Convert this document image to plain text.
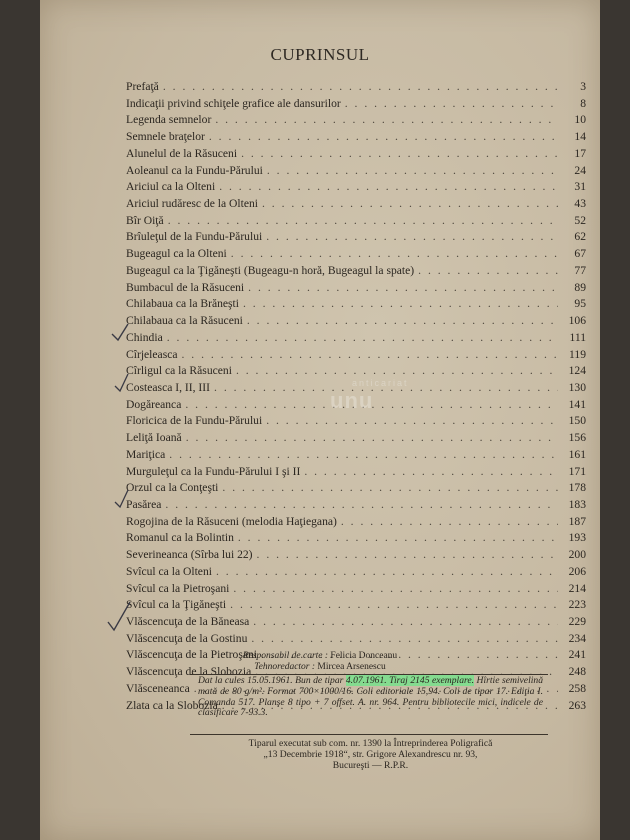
CUPRINSUL
Prefaţă . . .	3
Indicaţii privind schiţele grafice ale dansurilor . . .	8
Legenda semnelor . . .	10
Semnele braţelor . . .	14
Alunelul de la Răsuceni . . .	17
Aoleanul ca la Fundu-Părului . . .	24
Ariciul ca la Olteni . . .	31
Ariciul rudăresc de la Olteni . . .	43
Bîr Oiţă . . .	52
Brîuleţul de la Fundu-Părului . . .	62
Bugeagul ca la Olteni . . .	67
Bugeagul ca la Ţigăneşti (Bugeagu-n horă, Bugeagul la spate) . . .	77
Bumbacul de la Răsuceni . . .	89
Chilabaua ca la Brăneşti . . .	95
Chilabaua ca la Răsuceni . . .	106
Chindia . . .	111
Cîrjeleasca . . .	119
Cîrligul ca la Răsuceni . . .	124
Costeasca I, II, III . . .	130
Dogăreanca . . .	141
Floricica de la Fundu-Părului . . .	150
Leliţă Ioană . . .	156
Mariţica . . .	161
Murguleţul ca la Fundu-Părului I şi II . . .	171
Orzul ca la Conţeşti . . .	178
Pasărea . . .	183
Rogojina de la Răsuceni (melodia Haţiegana) . . .	187
Romanul ca la Bolintin . . .	193
Severineanca (Sîrba lui 22) . . .	200
Svîcul ca la Olteni . . .	206
Svîcul ca la Pietroşani . . .	214
Svîcul ca la Ţigăneşti . . .	223
Vlăscencuţa de la Băneasa . . .	229
Vlăscencuţa de la Gostinu . . .	234
Vlăscencuţa de la Pietroşani . . .	241
Vlăscencuţa de la Slobozia . . .	248
Vlăsceneanca . . .	258
Zlata ca la Slobozia . . .	263
anticariat
unu
Responsabil de carte : Felicia Donceanu
Tehnoredactor : Mircea Arsenescu
Dat la cules 15.05.1961. Bun de tipar 4.07.1961. Tiraj 2145 exemplare. Hîrtie semivelină mată de 80 g/m². Format 700×1000/16. Coli editoriale 15,94. Coli de tipar 17. Ediţia I. Comanda 517. Planşe 8 tipo + 7 offset. A. nr. 964. Pentru bibliotecile mici, indicele de clasificare 7-93.3.
Tiparul executat sub com. nr. 1390 la Întreprinderea Poligrafică
„13 Decembrie 1918“, str. Grigore Alexandrescu nr. 93,
Bucureşti — R.P.R.
